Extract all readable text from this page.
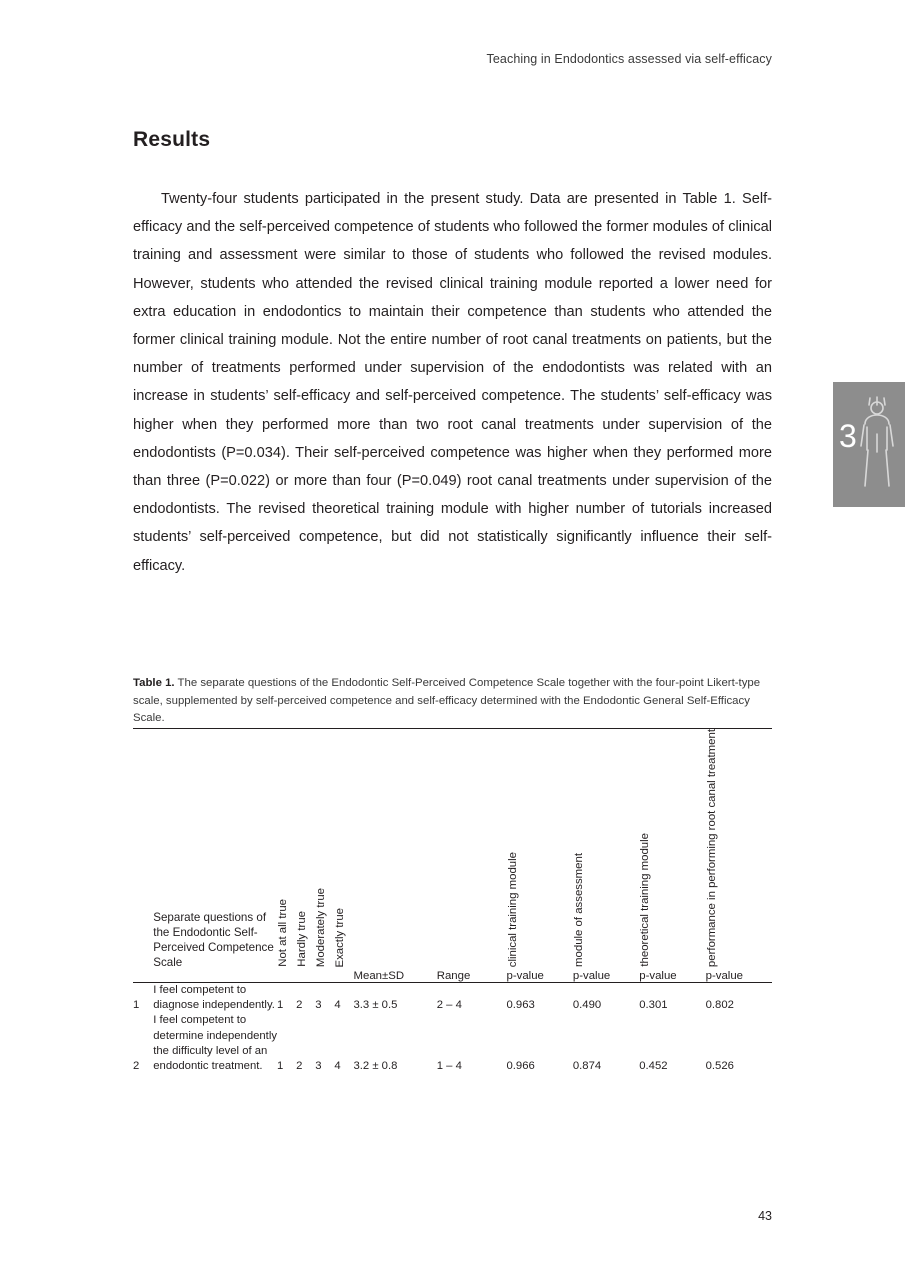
Teaching in Endodontics assessed via self-efficacy
Results
Twenty-four students participated in the present study. Data are presented in Table 1. Self-efficacy and the self-perceived competence of students who followed the former modules of clinical training and assessment were similar to those of students who followed the revised modules. However, students who attended the revised clinical training module reported a lower need for extra education in endodontics to maintain their competence than students who attended the former clinical training module. Not the entire number of root canal treatments on patients, but the number of treatments performed under supervision of the endodontists was related with an increase in students’ self-efficacy and self-perceived competence. The students’ self-efficacy was higher when they performed more than two root canal treatments under supervision of the endodontists (P=0.034). Their self-perceived competence was higher when they performed more than three (P=0.022) or more than four (P=0.049) root canal treatments under supervision of the endodontists. The revised theoretical training module with higher number of tutorials increased students’ self-perceived competence, but did not statistically significantly influence their self-efficacy.
3
Table 1. The separate questions of the Endodontic Self-Perceived Competence Scale together with the four-point Likert-type scale, supplemented by self-perceived competence and self-efficacy determined with the Endodontic General Self-Efficacy Scale.
	Separate questions of the Endodontic Self-Perceived Competence Scale	Not at all true	Hardly true	Moderately true	Exactly true			clinical training module	module of assessment	theoretical training module	performance in performing root canal treatment
						Mean±SD	Range	p-value	p-value	p-value	p-value
1	I feel competent to diagnose independently.	1	2	3	4	3.3 ± 0.5	2 – 4	0.963	0.490	0.301	0.802
2	I feel competent to determine independently the difficulty level of an endodontic treatment.	1	2	3	4	3.2 ± 0.8	1 – 4	0.966	0.874	0.452	0.526
43
